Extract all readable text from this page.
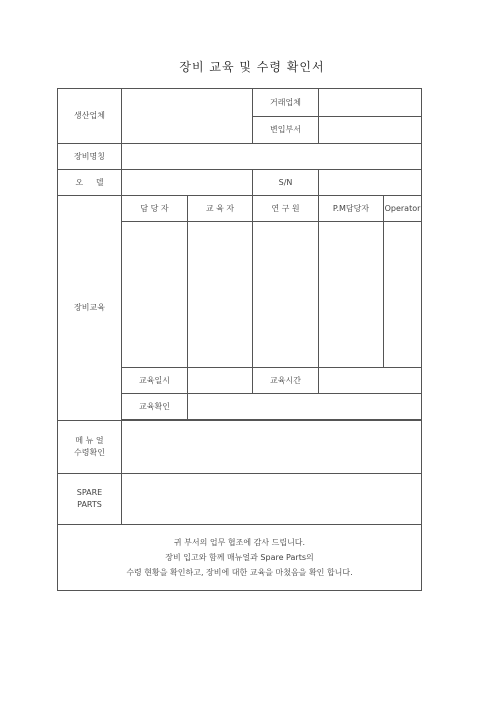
장비 교육 및 수령 확인서
생산업체			거래업체		
			변입부서		
장비명칭					
오     델			S/N		
장비교육	담 당 자	교 육 자	연 구 원	P.M담당자	Operator

	교육일시		교육시간		
	교육확인				

메 뉴 얼
수령확인					

SPARE
PARTS					

귀 부서의 업무 협조에 감사 드립니다.
장비 입고와 함께 매뉴얼과 Spare Parts의
수령 현황을 확인하고, 장비에 대한 교육을 마쳤음을 확인 합니다.					
